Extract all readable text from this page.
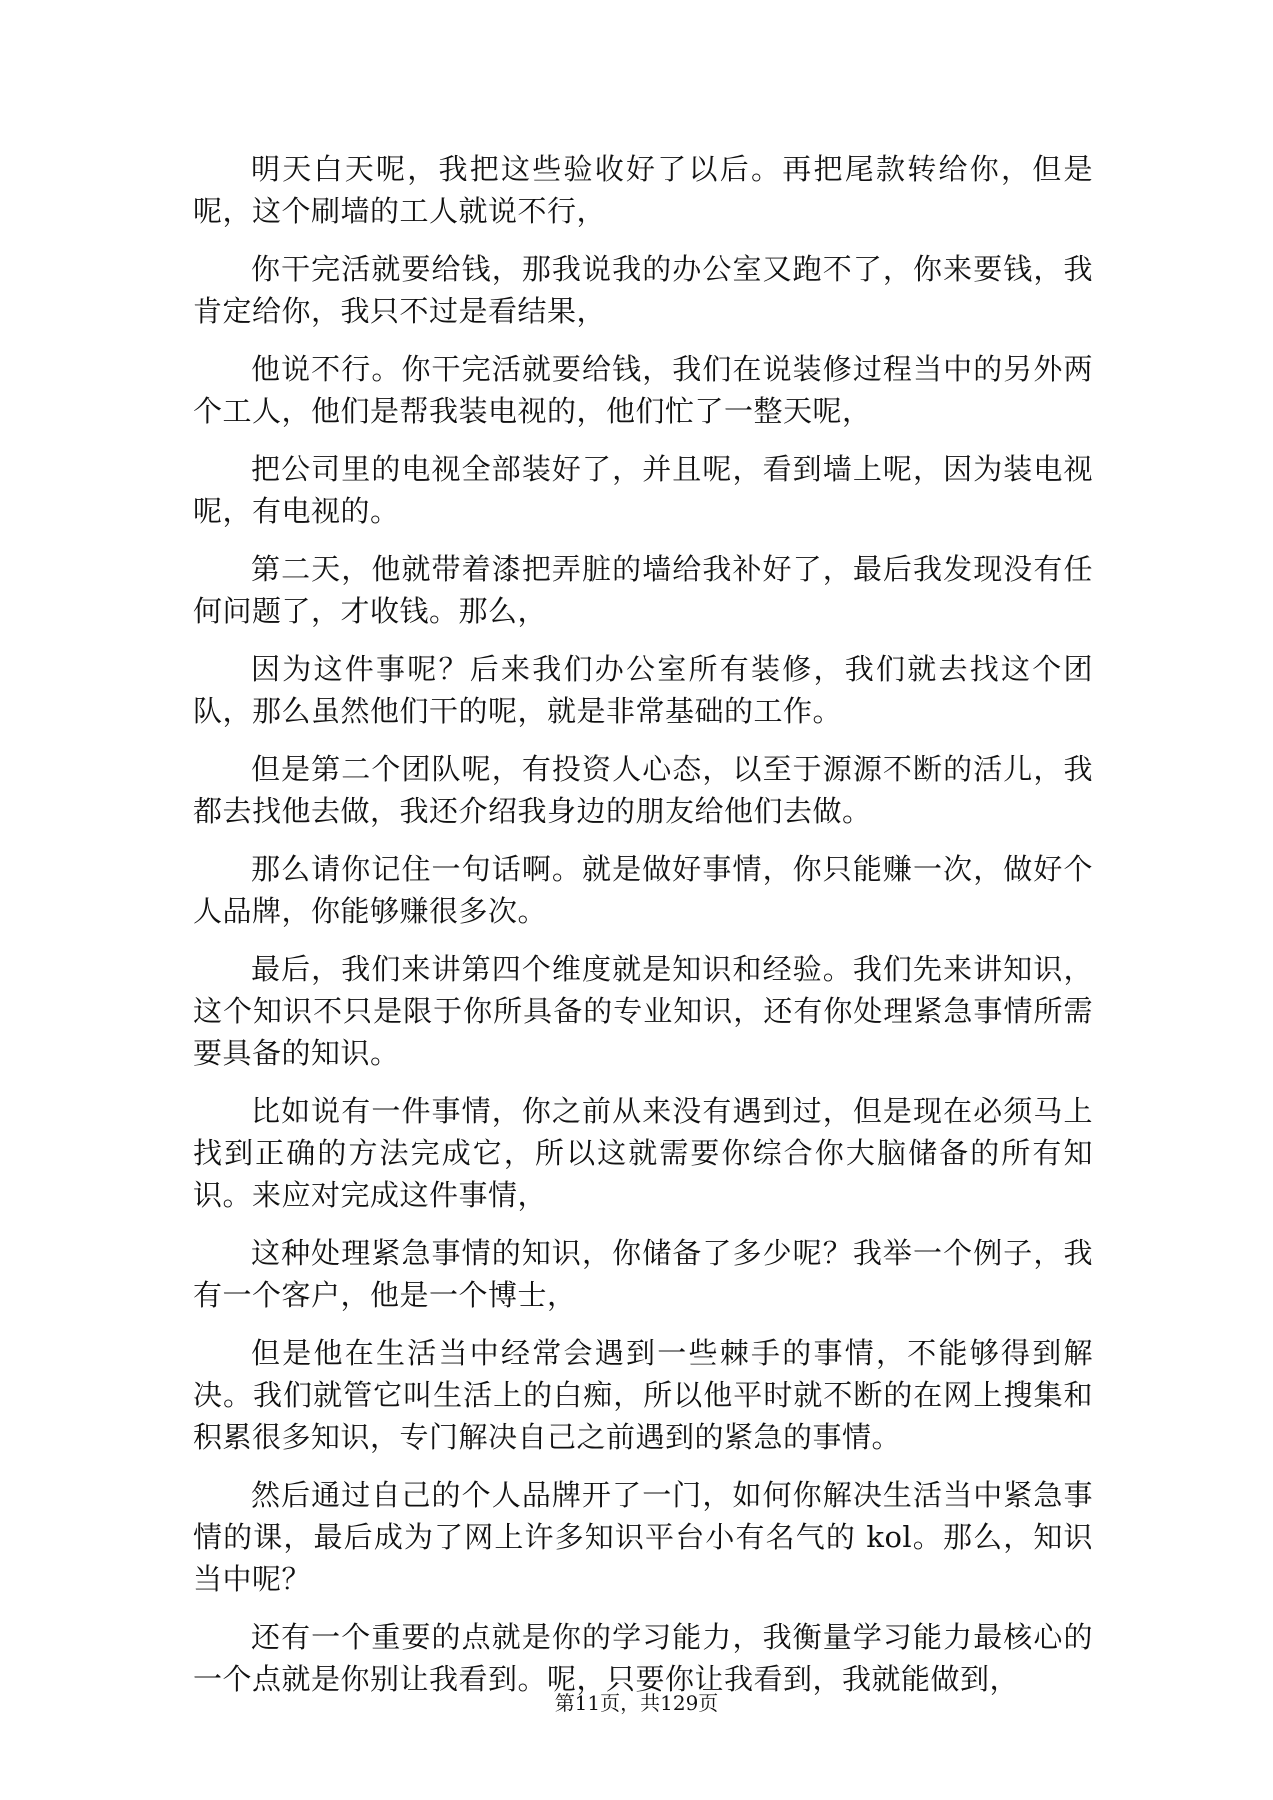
明天白天呢，我把这些验收好了以后。再把尾款转给你，但是呢，这个刷墙的工人就说不行，

你干完活就要给钱，那我说我的办公室又跑不了，你来要钱，我肯定给你，我只不过是看结果，

他说不行。你干完活就要给钱，我们在说装修过程当中的另外两个工人，他们是帮我装电视的，他们忙了一整天呢，

把公司里的电视全部装好了，并且呢，看到墙上呢，因为装电视呢，有电视的。

第二天，他就带着漆把弄脏的墙给我补好了，最后我发现没有任何问题了，才收钱。那么，

因为这件事呢？后来我们办公室所有装修，我们就去找这个团队，那么虽然他们干的呢，就是非常基础的工作。

但是第二个团队呢，有投资人心态，以至于源源不断的活儿，我都去找他去做，我还介绍我身边的朋友给他们去做。

那么请你记住一句话啊。就是做好事情，你只能赚一次，做好个人品牌，你能够赚很多次。

最后，我们来讲第四个维度就是知识和经验。我们先来讲知识，这个知识不只是限于你所具备的专业知识，还有你处理紧急事情所需要具备的知识。

比如说有一件事情，你之前从来没有遇到过，但是现在必须马上找到正确的方法完成它，所以这就需要你综合你大脑储备的所有知识。来应对完成这件事情，

这种处理紧急事情的知识，你储备了多少呢？我举一个例子，我有一个客户，他是一个博士，

但是他在生活当中经常会遇到一些棘手的事情，不能够得到解决。我们就管它叫生活上的白痴，所以他平时就不断的在网上搜集和积累很多知识，专门解决自己之前遇到的紧急的事情。

然后通过自己的个人品牌开了一门，如何你解决生活当中紧急事情的课，最后成为了网上许多知识平台小有名气的 kol。那么，知识当中呢？

还有一个重要的点就是你的学习能力，我衡量学习能力最核心的一个点就是你别让我看到。呢，只要你让我看到，我就能做到，

第11页，共129页
